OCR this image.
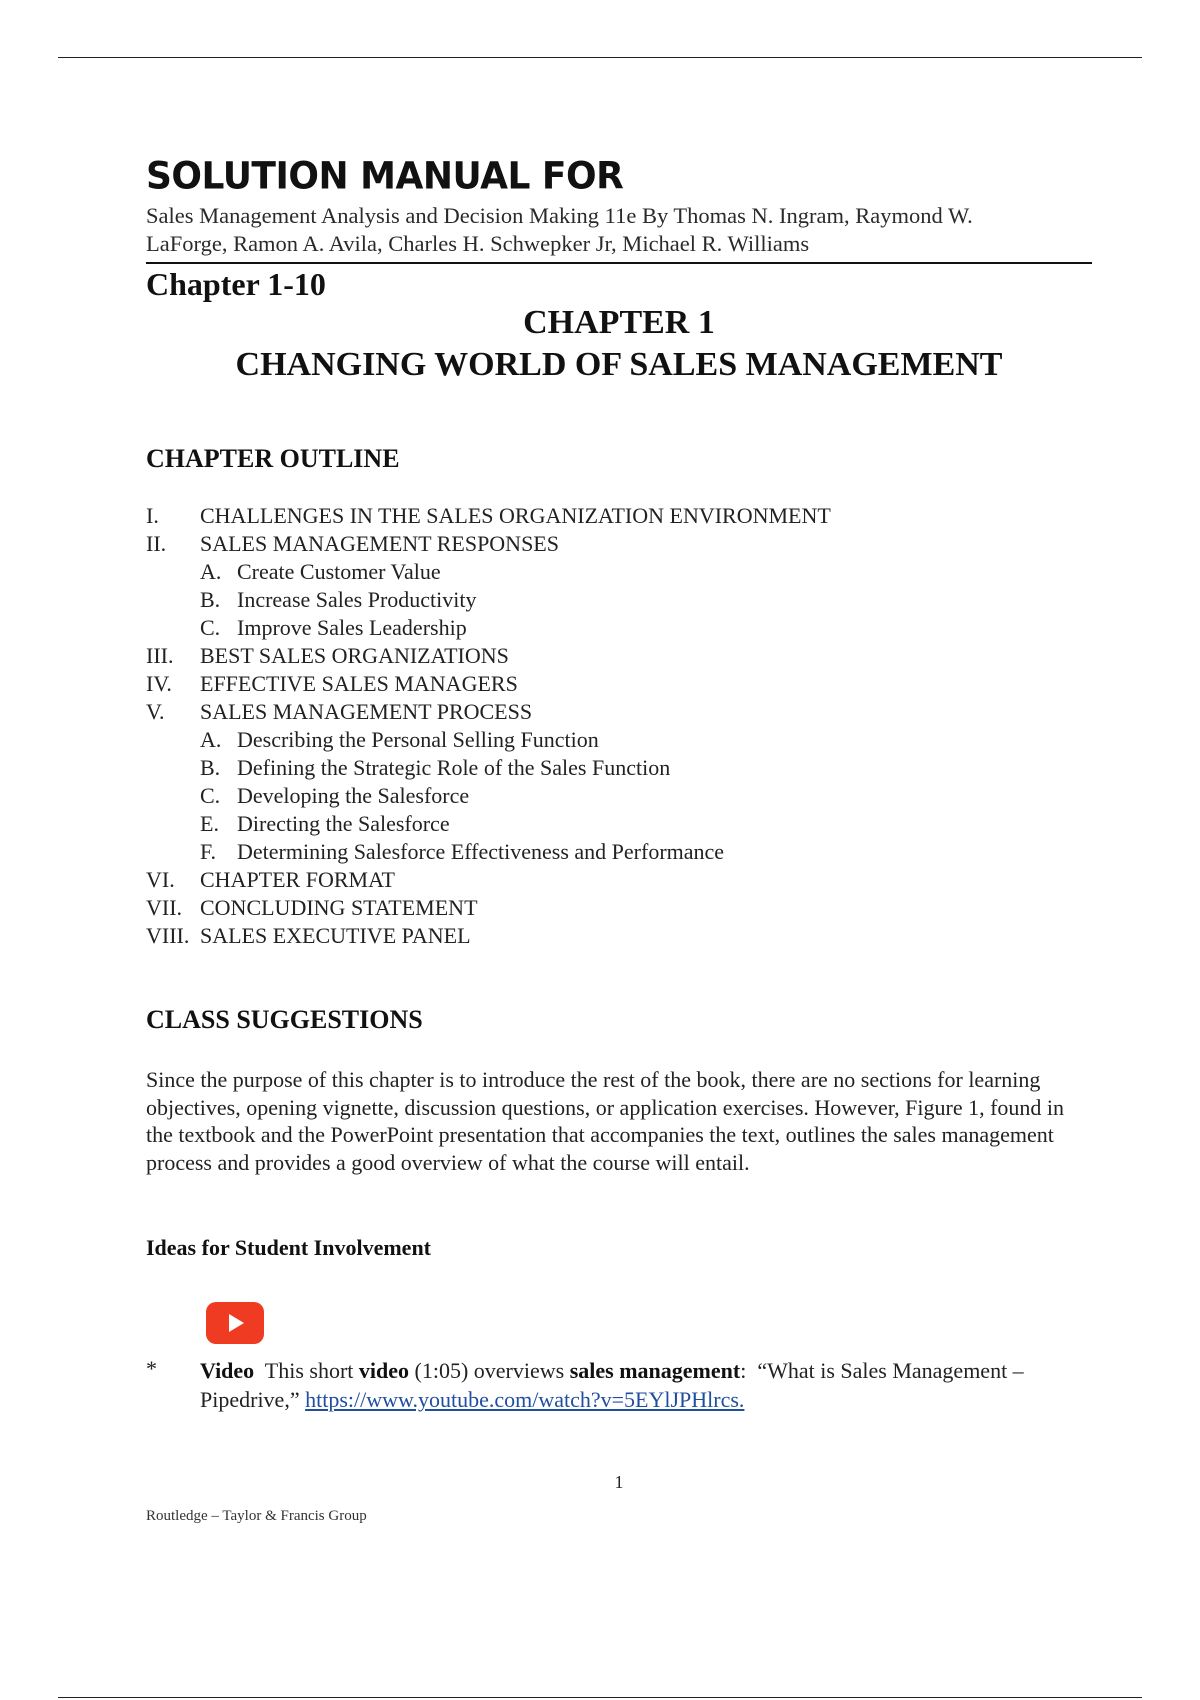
SOLUTION MANUAL FOR

Sales Management Analysis and Decision Making 11e By Thomas N. Ingram, Raymond W.
LaForge, Ramon A. Avila, Charles H. Schwepker Jr, Michael R. Williams

Chapter 1-10
CHAPTER 1
CHANGING WORLD OF SALES MANAGEMENT
CHAPTER OUTLINE
I. CHALLENGES IN THE SALES ORGANIZATION ENVIRONMENT
II. SALES MANAGEMENT RESPONSES
A. Create Customer Value
B. Increase Sales Productivity
C. Improve Sales Leadership
III. BEST SALES ORGANIZATIONS
IV. EFFECTIVE SALES MANAGERS
V. SALES MANAGEMENT PROCESS
A. Describing the Personal Selling Function
B. Defining the Strategic Role of the Sales Function
C. Developing the Salesforce
E. Directing the Salesforce
F. Determining Salesforce Effectiveness and Performance
VI. CHAPTER FORMAT
VII. CONCLUDING STATEMENT
VIII. SALES EXECUTIVE PANEL
CLASS SUGGESTIONS

Since the purpose of this chapter is to introduce the rest of the book, there are no sections for learning objectives, opening vignette, discussion questions, or application exercises. However, Figure 1, found in the textbook and the PowerPoint presentation that accompanies the text, outlines the sales management process and provides a good overview of what the course will entail.

Ideas for Student Involvement

* Video  This short video (1:05) overviews sales management:  “What is Sales Management – Pipedrive,” https://www.youtube.com/watch?v=5EYlJPHlrcs.

1

Routledge – Taylor & Francis Group
